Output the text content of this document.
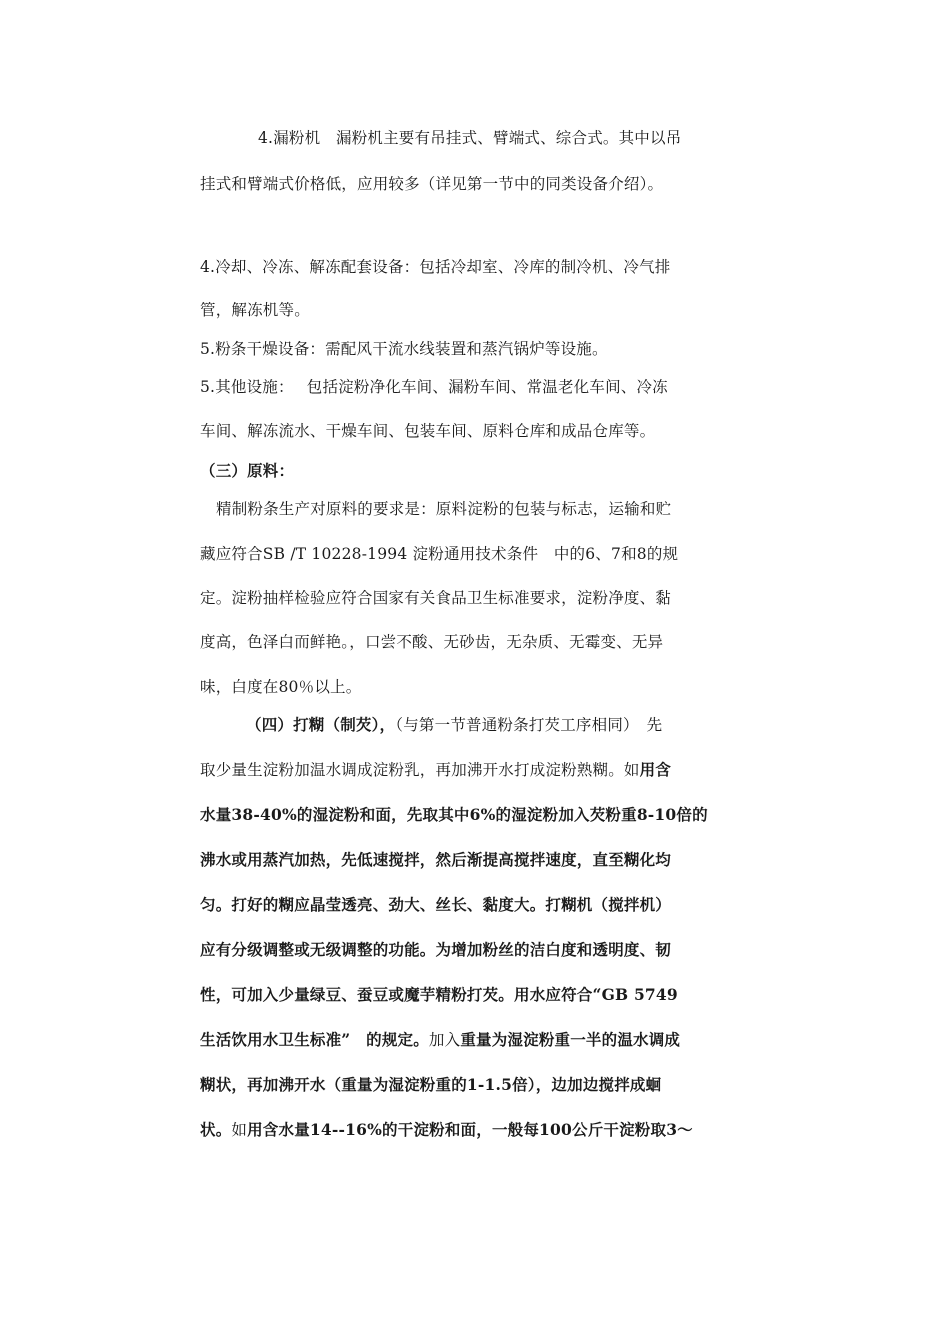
4.漏粉机　漏粉机主要有吊挂式、臂端式、综合式。其中以吊
挂式和臂端式价格低，应用较多（详见第一节中的同类设备介绍）。
4.冷却、冷冻、解冻配套设备：包括冷却室、冷库的制冷机、冷气排
管，解冻机等。
5.粉条干燥设备：需配风干流水线装置和蒸汽锅炉等设施。
5.其他设施：　 包括淀粉净化车间、漏粉车间、常温老化车间、冷冻
车间、解冻流水、干燥车间、包装车间、原料仓库和成品仓库等。
（三）原料：
精制粉条生产对原料的要求是：原料淀粉的包装与标志，运输和贮
藏应符合SB /T 10228-1994 淀粉通用技术条件　中的6、7和8的规
定。淀粉抽样检验应符合国家有关食品卫生标准要求，淀粉净度、黏
度高，色泽白而鲜艳。，口尝不酸、无砂齿，无杂质、无霉变、无异
味，白度在80％以上。
（四）打糊（制芡），（与第一节普通粉条打芡工序相同）　先
取少量生淀粉加温水调成淀粉乳，再加沸开水打成淀粉熟糊。如用含
水量38-40%的湿淀粉和面，先取其中6%的湿淀粉加入芡粉重8-10倍的
沸水或用蒸汽加热，先低速搅拌，然后渐提高搅拌速度，直至糊化均
匀。打好的糊应晶莹透亮、劲大、丝长、黏度大。打糊机（搅拌机）
应有分级调整或无级调整的功能。为增加粉丝的洁白度和透明度、韧
性，可加入少量绿豆、蚕豆或魔芋精粉打芡。用水应符合“GB 5749
生活饮用水卫生标准”　的规定。加入重量为湿淀粉重一半的温水调成
糊状，再加沸开水（重量为湿淀粉重的1-1.5倍），边加边搅拌成蛔
状。如用含水量14--16%的干淀粉和面，一般每100公斤干淀粉取3～
